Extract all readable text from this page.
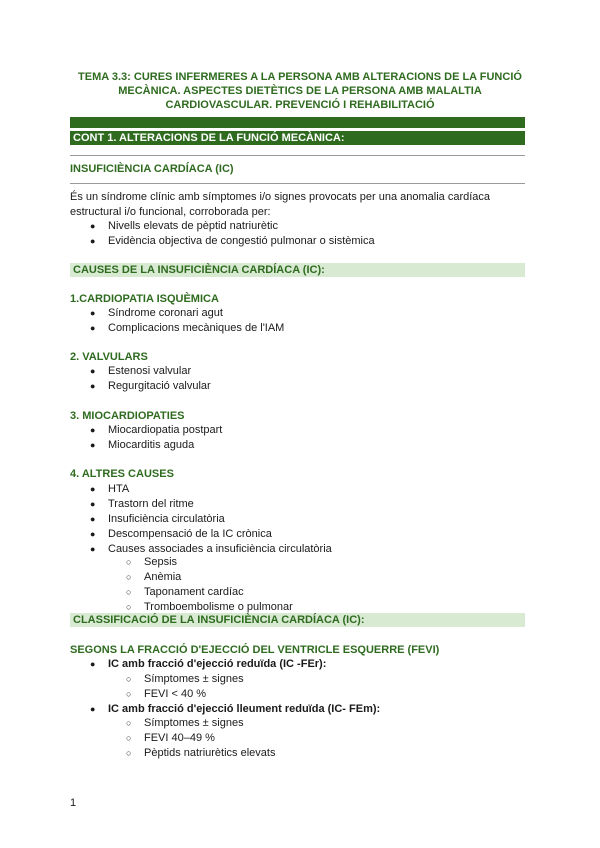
TEMA 3.3: CURES INFERMERES A LA PERSONA AMB ALTERACIONS DE LA FUNCIÓ
MECÀNICA. ASPECTES DIETÈTICS DE LA PERSONA AMB MALALTIA
CARDIOVASCULAR. PREVENCIÓ I REHABILITACIÓ
CONT 1. ALTERACIONS DE LA FUNCIÓ MECÀNICA:
INSUFICIÈNCIA CARDÍACA (IC)
És un síndrome clínic amb símptomes i/o signes provocats per una anomalia cardíaca estructural i/o funcional, corroborada per:
● Nivells elevats de pèptid natriurètic
● Evidència objectiva de congestió pulmonar o sistèmica
CAUSES DE LA INSUFICIÈNCIA CARDÍACA (IC):
1.CARDIOPATIA ISQUÈMICA
● Síndrome coronari agut
● Complicacions mecàniques de l'IAM
2. VALVULARS
● Estenosi valvular
● Regurgitació valvular
3. MIOCARDIOPATIES
● Miocardiopatia postpart
● Miocarditis aguda
4. ALTRES CAUSES
● HTA
● Trastorn del ritme
● Insuficiència circulatòria
● Descompensació de la IC crònica
● Causes associades a insuficiència circulatòria
○ Sepsis
○ Anèmia
○ Taponament cardíac
○ Tromboembolisme o pulmonar
CLASSIFICACIÓ DE LA INSUFICIÈNCIA CARDÍACA (IC):
SEGONS LA FRACCIÓ D'EJECCIÓ DEL VENTRICLE ESQUERRE (FEVI)
● IC amb fracció d'ejecció reduïda (IC -FEr):
○ Símptomes ± signes
○ FEVI < 40 %
● IC amb fracció d'ejecció lleument reduïda (IC- FEm):
○ Símptomes ± signes
○ FEVI 40–49 %
○ Pèptids natriurètics elevats
1
